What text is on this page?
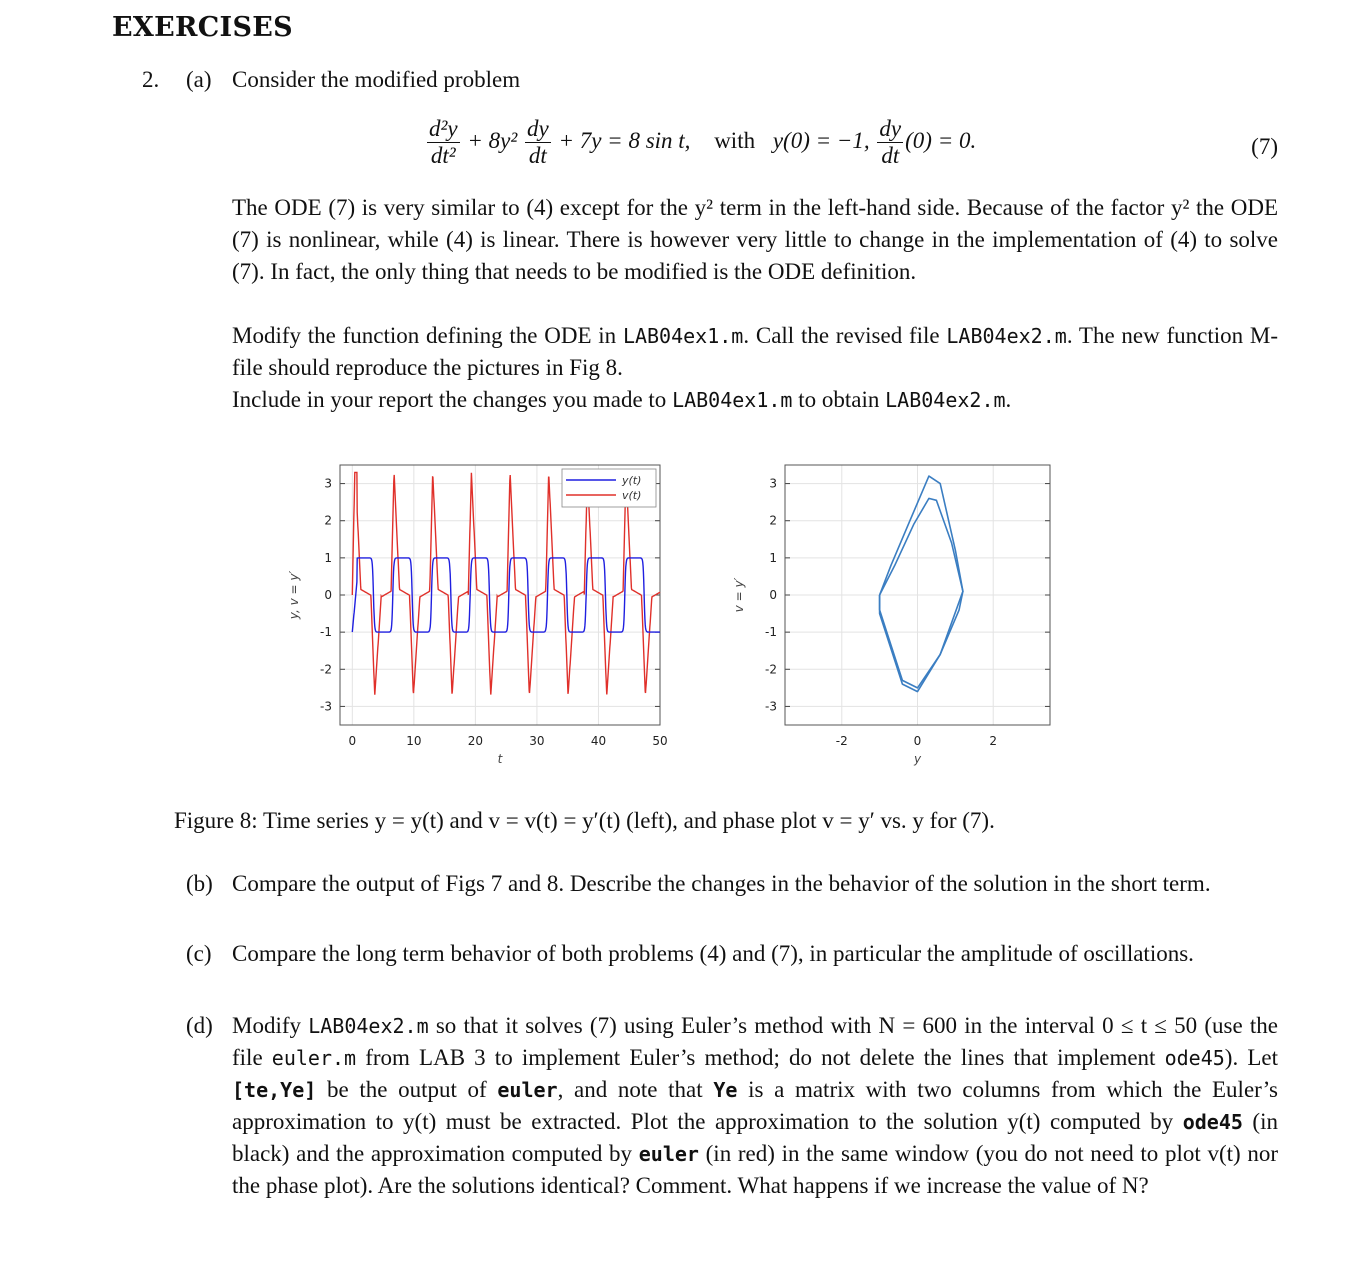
EXERCISES
2. (a) Consider the modified problem
$\frac{\text{d²y}}{\text{dt²}} + 8y^2 \frac{dy}{dt} + 7y = 8$ sin t, with y(0) = −1, $\frac{dy}{dt} (0) = 0$.	(7)
The ODE (7) is very similar to (4) except for the y² term in the left-hand side. Because of the factor y² the ODE (7) is nonlinear, while (4) is linear. There is however very little to change in the implementation of (4) to solve (7). In fact, the only thing that needs to be modified is the ODE definition.
Modify the function defining the ODE in LAB04ex1.m. Call the revised file LAB04ex2.m. The new function M-file should reproduce the pictures in Fig 8.
Include in your report the changes you made to LAB04ex1.m to obtain LAB04ex2.m.
0	10	20	30	40	50
3
2
1
0
-1
-2
-3
t
y, v = y′
y(t)
v(t)
-2	0	2
3
2
1
0
-1
-2
-3
y
v = y′
Figure 8: Time series y = y(t) and v = v(t) = y′(t) (left), and phase plot v = y′ vs. y for (7).
(b) Compare the output of Figs 7 and 8. Describe the changes in the behavior of the solution in the short term.
(c) Compare the long term behavior of both problems (4) and (7), in particular the amplitude of oscillations.
(d) Modify LAB04ex2.m so that it solves (7) using Euler’s method with N = 600 in the interval 0 ≤ t ≤ 50 (use the file euler.m from LAB 3 to implement Euler’s method; do not delete the lines that implement ode45). Let [te,Ye] be the output of euler, and note that Ye is a matrix with two columns from which the Euler’s approximation to y(t) must be extracted. Plot the approximation to the solution y(t) computed by ode45 (in black) and the approximation computed by euler (in red) in the same window (you do not need to plot v(t) nor the phase plot). Are the solutions identical? Comment. What happens if we increase the value of N?
